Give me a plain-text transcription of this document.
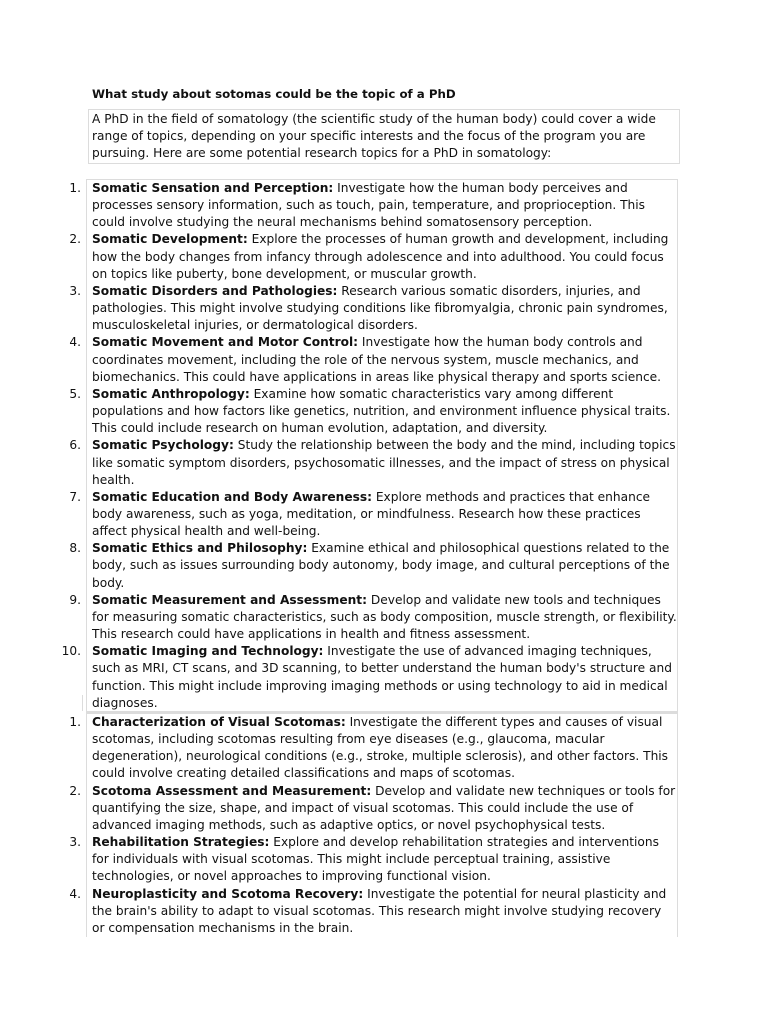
What study about sotomas could be the topic of a PhD
A PhD in the field of somatology (the scientific study of the human body) could cover a wide range of topics, depending on your specific interests and the focus of the program you are pursuing. Here are some potential research topics for a PhD in somatology:
1. Somatic Sensation and Perception: Investigate how the human body perceives and processes sensory information, such as touch, pain, temperature, and proprioception. This could involve studying the neural mechanisms behind somatosensory perception.
2. Somatic Development: Explore the processes of human growth and development, including how the body changes from infancy through adolescence and into adulthood. You could focus on topics like puberty, bone development, or muscular growth.
3. Somatic Disorders and Pathologies: Research various somatic disorders, injuries, and pathologies. This might involve studying conditions like fibromyalgia, chronic pain syndromes, musculoskeletal injuries, or dermatological disorders.
4. Somatic Movement and Motor Control: Investigate how the human body controls and coordinates movement, including the role of the nervous system, muscle mechanics, and biomechanics. This could have applications in areas like physical therapy and sports science.
5. Somatic Anthropology: Examine how somatic characteristics vary among different populations and how factors like genetics, nutrition, and environment influence physical traits. This could include research on human evolution, adaptation, and diversity.
6. Somatic Psychology: Study the relationship between the body and the mind, including topics like somatic symptom disorders, psychosomatic illnesses, and the impact of stress on physical health.
7. Somatic Education and Body Awareness: Explore methods and practices that enhance body awareness, such as yoga, meditation, or mindfulness. Research how these practices affect physical health and well-being.
8. Somatic Ethics and Philosophy: Examine ethical and philosophical questions related to the body, such as issues surrounding body autonomy, body image, and cultural perceptions of the body.
9. Somatic Measurement and Assessment: Develop and validate new tools and techniques for measuring somatic characteristics, such as body composition, muscle strength, or flexibility. This research could have applications in health and fitness assessment.
10. Somatic Imaging and Technology: Investigate the use of advanced imaging techniques, such as MRI, CT scans, and 3D scanning, to better understand the human body's structure and function. This might include improving imaging methods or using technology to aid in medical diagnoses.
1. Characterization of Visual Scotomas: Investigate the different types and causes of visual scotomas, including scotomas resulting from eye diseases (e.g., glaucoma, macular degeneration), neurological conditions (e.g., stroke, multiple sclerosis), and other factors. This could involve creating detailed classifications and maps of scotomas.
2. Scotoma Assessment and Measurement: Develop and validate new techniques or tools for quantifying the size, shape, and impact of visual scotomas. This could include the use of advanced imaging methods, such as adaptive optics, or novel psychophysical tests.
3. Rehabilitation Strategies: Explore and develop rehabilitation strategies and interventions for individuals with visual scotomas. This might include perceptual training, assistive technologies, or novel approaches to improving functional vision.
4. Neuroplasticity and Scotoma Recovery: Investigate the potential for neural plasticity and the brain's ability to adapt to visual scotomas. This research might involve studying recovery or compensation mechanisms in the brain.
